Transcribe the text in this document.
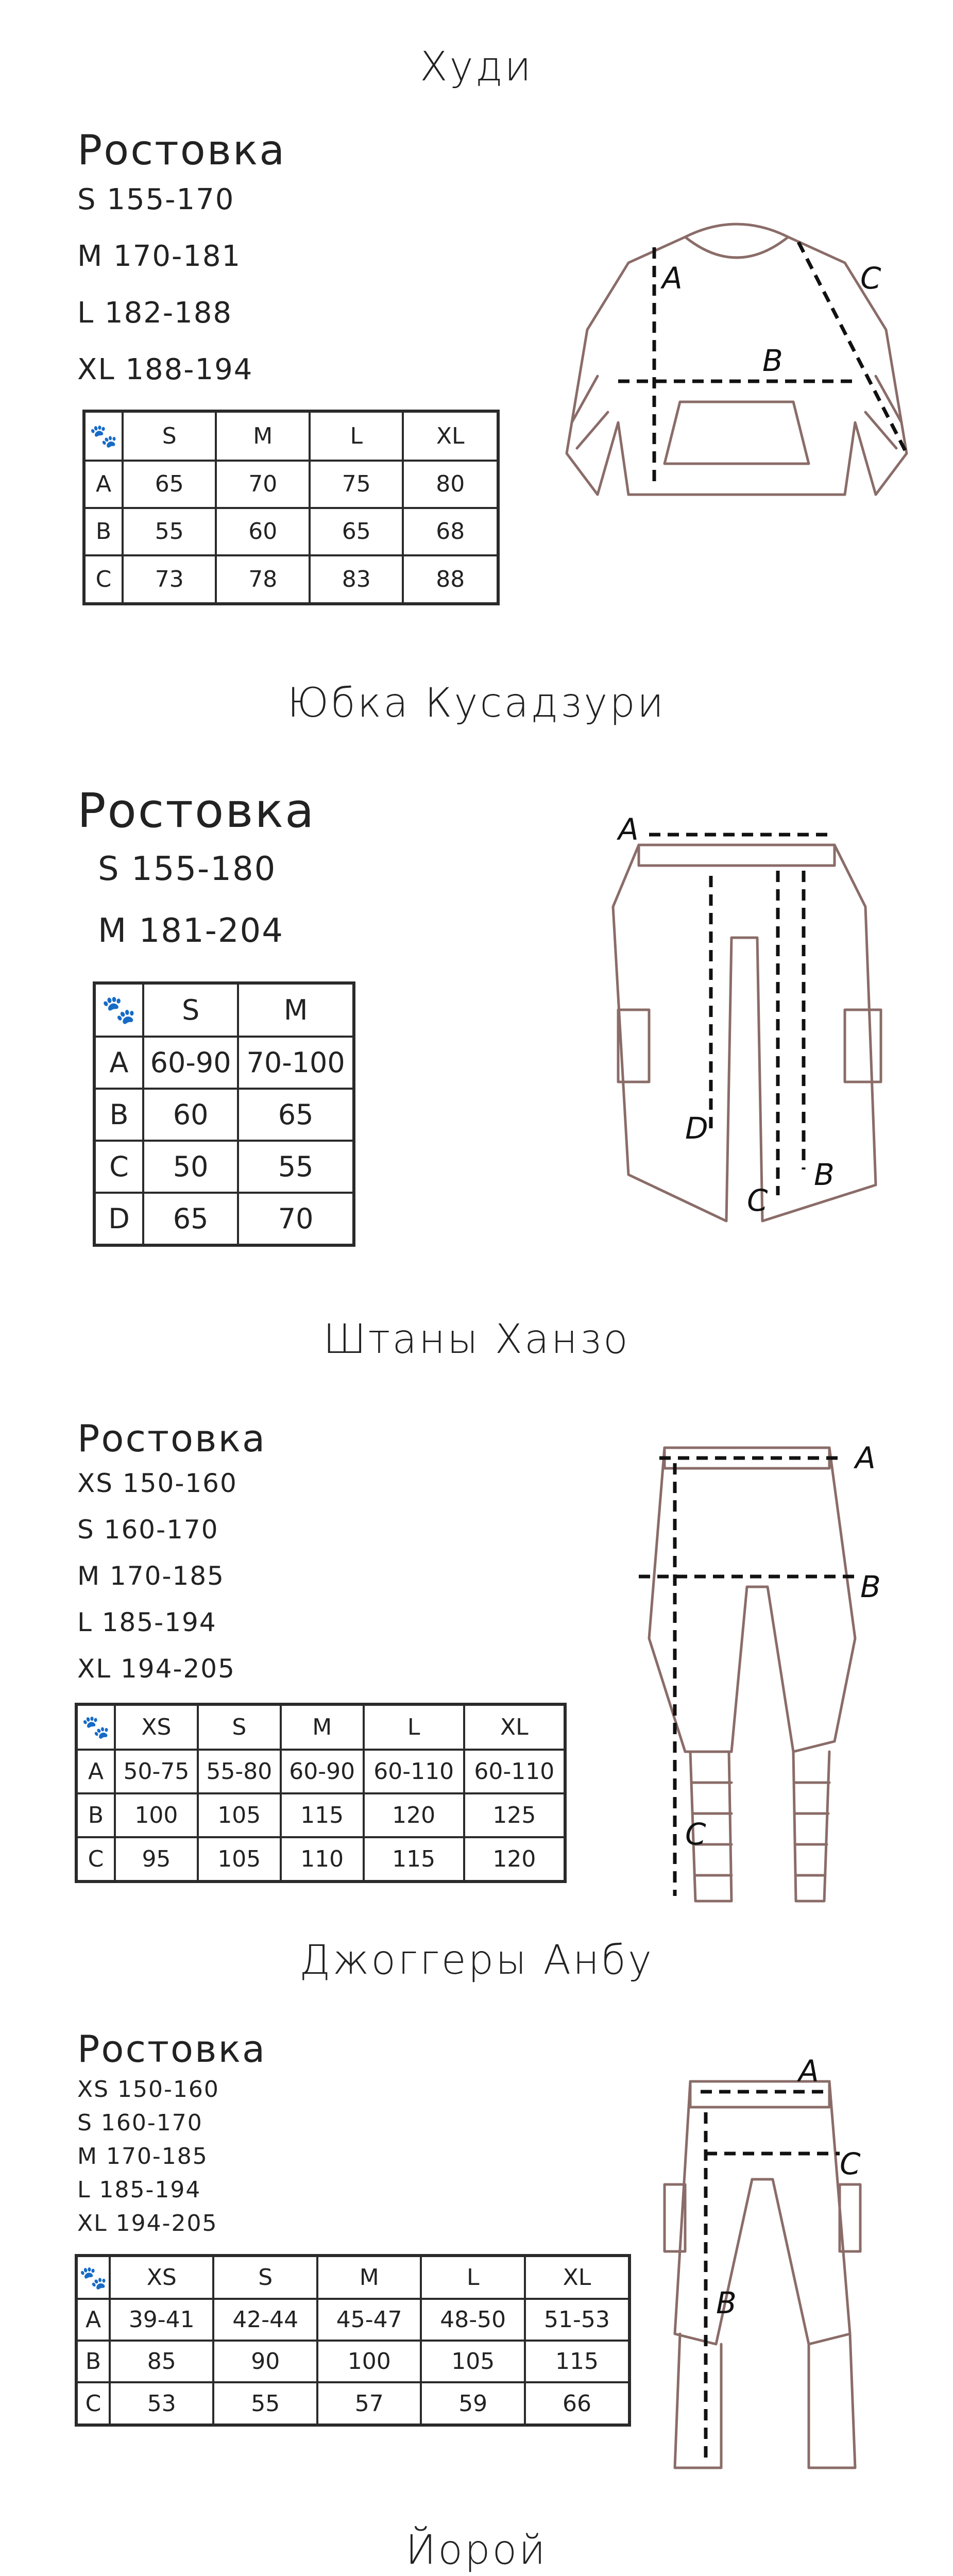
Худи
Ростовка
S 155-170
M 170-181
L 182-188
XL 188-194
🐾	S	M	L	XL
A	65	70	75	80
B	55	60	65	68
C	73	78	83	88
A
B
C
Юбка Кусадзури
Ростовка
S 155-180
M 181-204
🐾	S	M
A	60-90	70-100
B	60	65
C	50	55
D	65	70
A
B
C
D
Штаны Ханзо
Ростовка
XS 150-160
S 160-170
M 170-185
L 185-194
XL 194-205
🐾	XS	S	M	L	XL
A	50-75	55-80	60-90	60-110	60-110
B	100	105	115	120	125
C	95	105	110	115	120
A
B
C
Джоггеры Анбу
Ростовка
XS 150-160
S 160-170
M 170-185
L 185-194
XL 194-205
🐾	XS	S	M	L	XL
A	39-41	42-44	45-47	48-50	51-53
B	85	90	100	105	115
C	53	55	57	59	66
A
B
C
Йорой
